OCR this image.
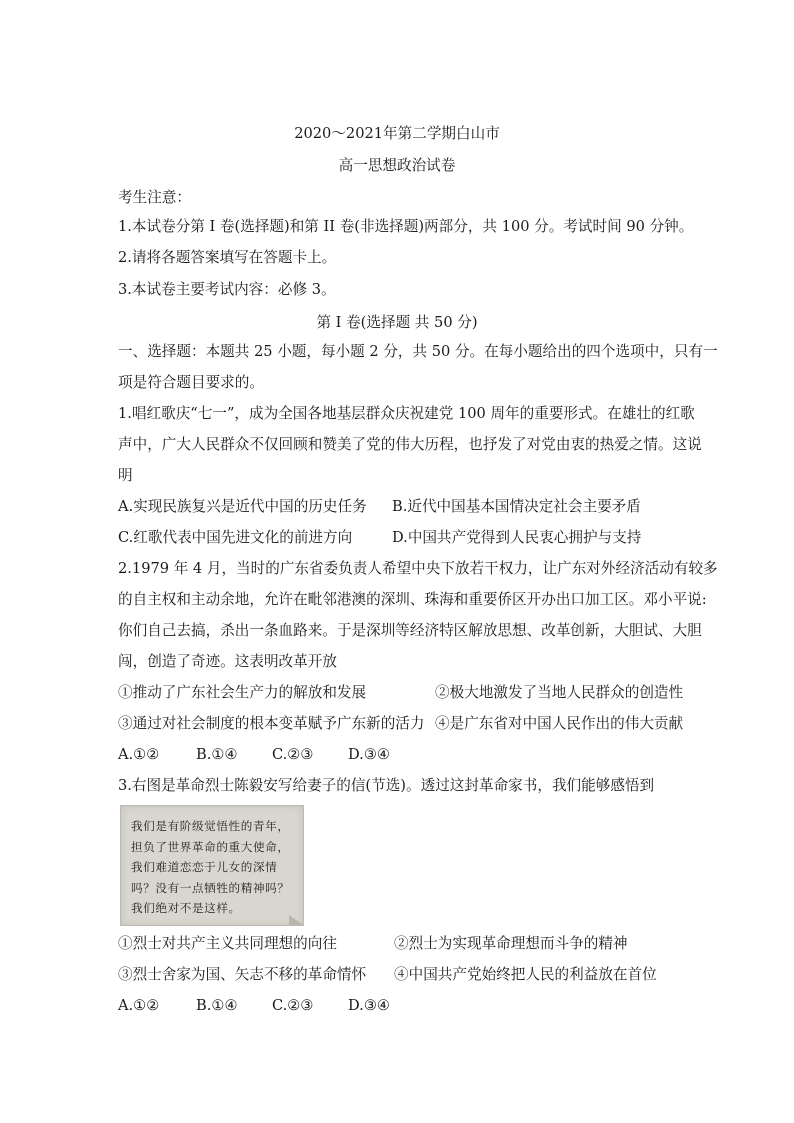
2020～2021年第二学期白山市
高一思想政治试卷
考生注意：
1.本试卷分第 I 卷(选择题)和第 II 卷(非选择题)两部分，共 100 分。考试时间 90 分钟。
2.请将各题答案填写在答题卡上。
3.本试卷主要考试内容：必修 3。
第 I 卷(选择题 共 50 分)
一、选择题：本题共 25 小题，每小题 2 分，共 50 分。在每小题给出的四个选项中，只有一
项是符合题目要求的。
1.唱红歌庆“七一”，成为全国各地基层群众庆祝建党 100 周年的重要形式。在雄壮的红歌
声中，广大人民群众不仅回顾和赞美了党的伟大历程，也抒发了对党由衷的热爱之情。这说
明
A.实现民族复兴是近代中国的历史任务 B.近代中国基本国情决定社会主要矛盾
C.红歌代表中国先进文化的前进方向	D.中国共产党得到人民衷心拥护与支持
2.1979 年 4 月，当时的广东省委负责人希望中央下放若干权力，让广东对外经济活动有较多
的自主权和主动余地，允许在毗邻港澳的深圳、珠海和重要侨区开办出口加工区。邓小平说:
你们自己去搞，杀出一条血路来。于是深圳等经济特区解放思想、改革创新，大胆试、大胆
闯，创造了奇迹。这表明改革开放
①推动了广东社会生产力的解放和发展	②极大地激发了当地人民群众的创造性
③通过对社会制度的根本变革赋予广东新的活力 ④是广东省对中国人民作出的伟大贡献
A.①②	B.①④ C.②③ D.③④
3.右图是革命烈士陈毅安写给妻子的信(节选)。透过这封革命家书，我们能够感悟到
我们是有阶级觉悟性的青年，
担负了世界革命的重大使命，
我们难道恋恋于儿女的深情
吗？没有一点牺牲的精神吗？
我们绝对不是这样。
①烈士对共产主义共同理想的向往	②烈士为实现革命理想而斗争的精神
③烈士舍家为国、矢志不移的革命情怀 ④中国共产党始终把人民的利益放在首位
A.①②	B.①④ C.②③ D.③④
